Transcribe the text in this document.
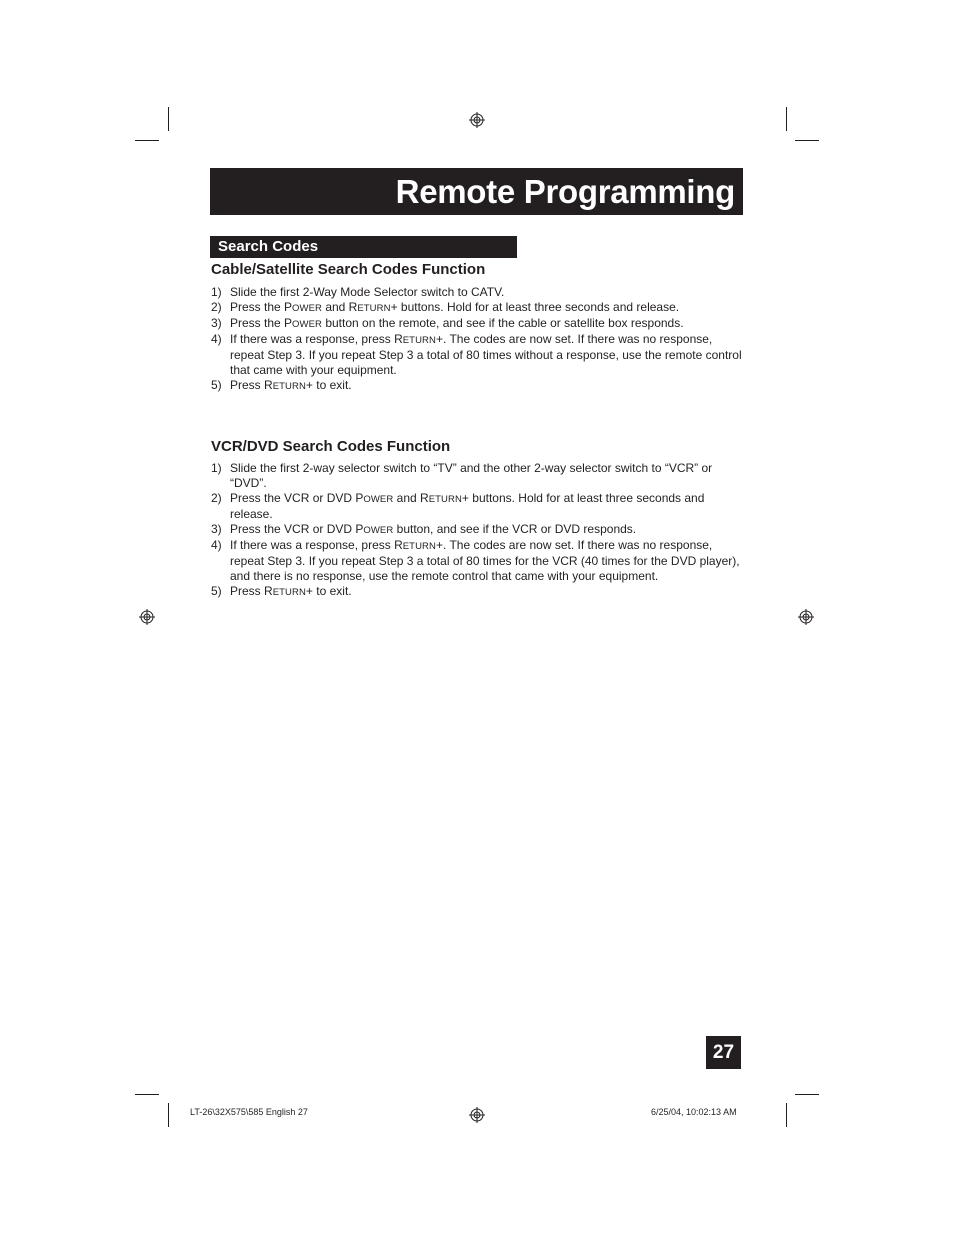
Remote Programming
Search Codes
Cable/Satellite Search Codes Function
1) Slide the first 2-Way Mode Selector switch to CATV.
2) Press the POWER and RETURN+ buttons. Hold for at least three seconds and release.
3) Press the POWER button on the remote, and see if the cable or satellite box responds.
4) If there was a response, press RETURN+. The codes are now set. If there was no response, repeat Step 3. If you repeat Step 3 a total of 80 times without a response, use the remote control that came with your equipment.
5) Press RETURN+ to exit.
VCR/DVD Search Codes Function
1) Slide the first 2-way selector switch to “TV” and the other 2-way selector switch to “VCR” or “DVD”.
2) Press the VCR or DVD POWER and RETURN+ buttons. Hold for at least three seconds and release.
3) Press the VCR or DVD POWER button, and see if the VCR or DVD responds.
4) If there was a response, press RETURN+. The codes are now set. If there was no response, repeat Step 3. If you repeat Step 3 a total of 80 times for the VCR (40 times for the DVD player), and there is no response, use the remote control that came with your equipment.
5) Press RETURN+ to exit.
27
LT-26\32X575\585 English 27	6/25/04, 10:02:13 AM
